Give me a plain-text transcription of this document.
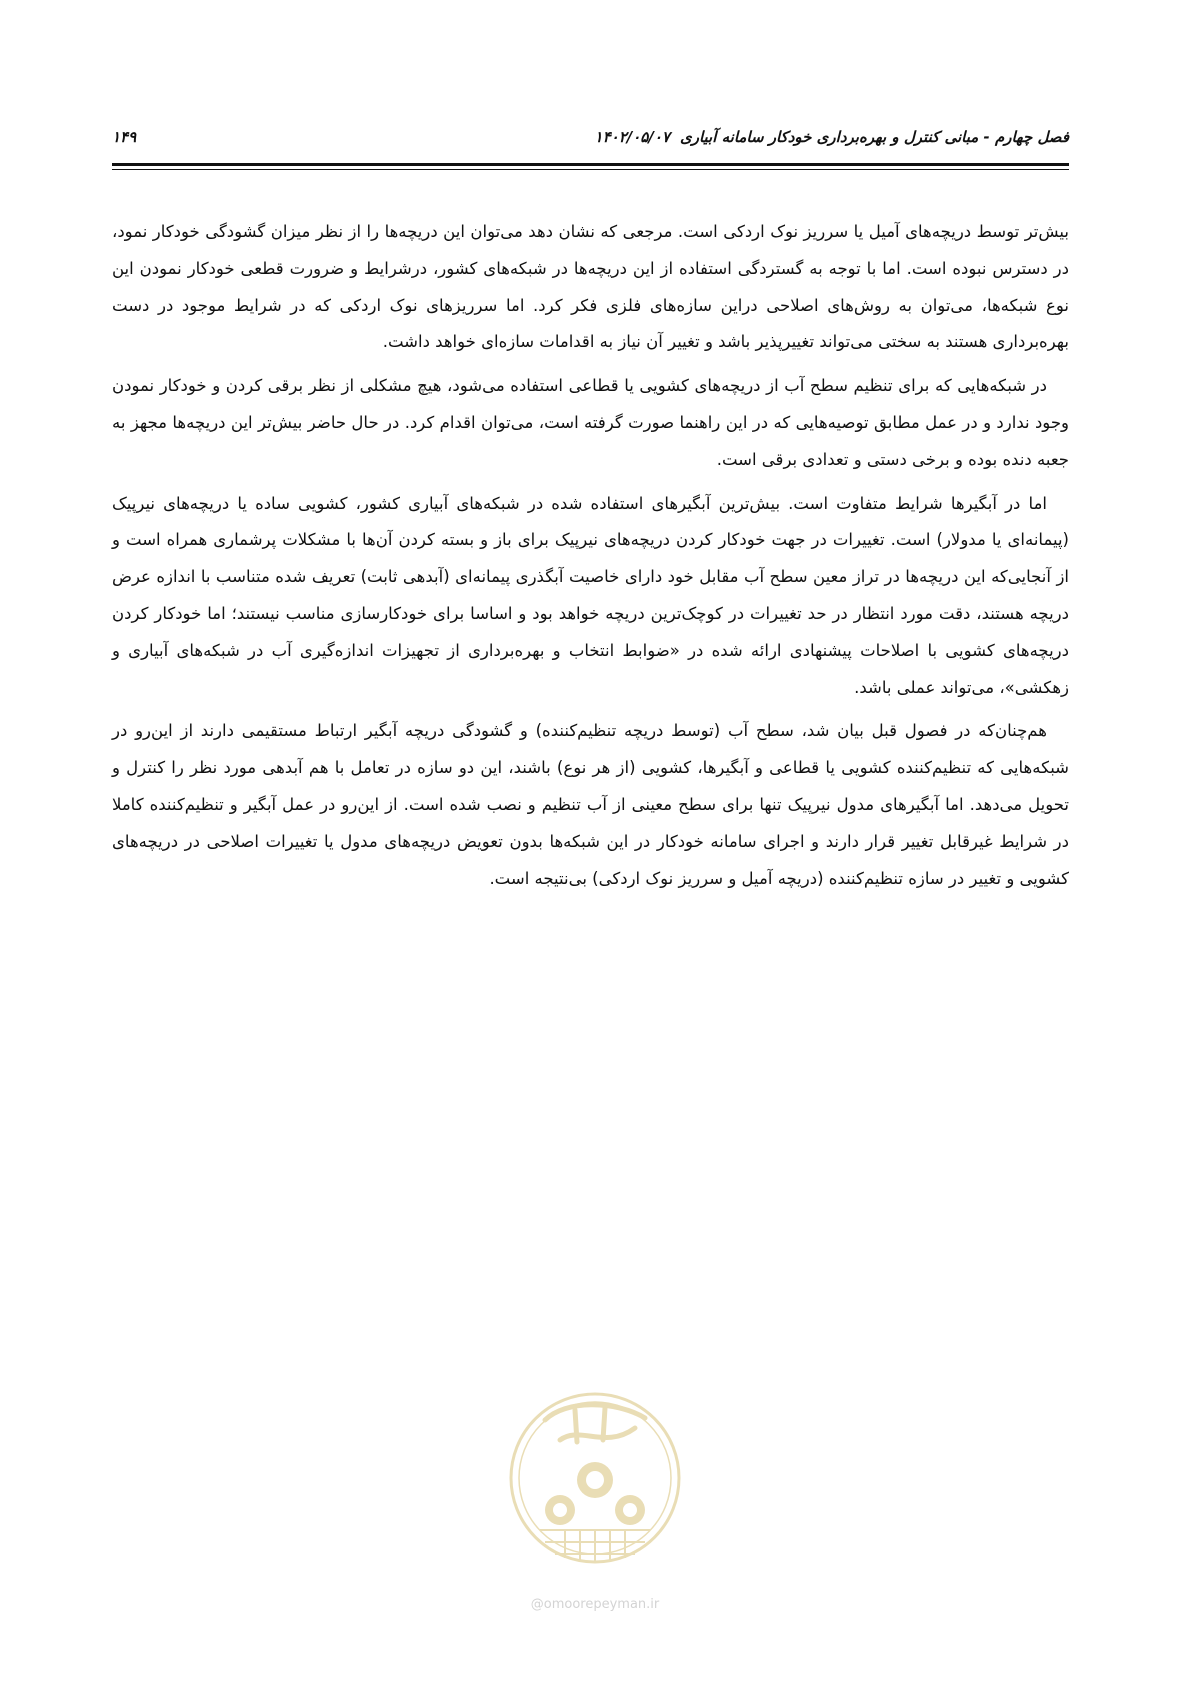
فصل چهارم - مبانی کنترل و بهره‌برداری خودکار سامانه آبیاری۱۴۰۲/۰۵/۰۷
۱۴۹

بیش‌تر توسط دریچه‌های آمیل یا سرریز نوک اردکی است. مرجعی که نشان دهد می‌توان این دریچه‌ها را از نظر میزان گشودگی خودکار نمود، در دسترس نبوده است. اما با توجه به گستردگی استفاده از این دریچه‌ها در شبکه‌های کشور، درشرایط و ضرورت قطعی خودکار نمودن این نوع شبکه‌ها، می‌توان به روش‌های اصلاحی دراین سازه‌های فلزی فکر کرد. اما سرریزهای نوک اردکی که در شرایط موجود در دست بهره‌برداری هستند به سختی می‌تواند تغییرپذیر باشد و تغییر آن نیاز به اقدامات سازه‌ای خواهد داشت.

در شبکه‌هایی که برای تنظیم سطح آب از دریچه‌های کشویی یا قطاعی استفاده می‌شود، هیچ مشکلی از نظر برقی کردن و خودکار نمودن وجود ندارد و در عمل مطابق توصیه‌هایی که در این راهنما صورت گرفته است، می‌توان اقدام کرد. در حال حاضر بیش‌تر این دریچه‌ها مجهز به جعبه دنده بوده و برخی دستی و تعدادی برقی است.

اما در آبگیرها شرایط متفاوت است. بیش‌ترین آبگیرهای استفاده شده در شبکه‌های آبیاری کشور، کشویی ساده یا دریچه‌های نیرپیک (پیمانه‌ای یا مدولار) است. تغییرات در جهت خودکار کردن دریچه‌های نیرپیک برای باز و بسته کردن آن‌ها با مشکلات پرشماری همراه است و از آنجایی‌که این دریچه‌ها در تراز معین سطح آب مقابل خود دارای خاصیت آبگذری پیمانه‌ای (آبدهی ثابت) تعریف شده متناسب با اندازه عرض دریچه هستند، دقت مورد انتظار در حد تغییرات در کوچک‌ترین دریچه خواهد بود و اساسا برای خودکارسازی مناسب نیستند؛ اما خودکار کردن دریچه‌های کشویی با اصلاحات پیشنهادی ارائه شده در «ضوابط انتخاب و بهره‌برداری از تجهیزات اندازه‌گیری آب در شبکه‌های آبیاری و زهکشی»، می‌تواند عملی باشد.

هم‌چنان‌که در فصول قبل بیان شد، سطح آب (توسط دریچه تنظیم‌کننده) و گشودگی دریچه آبگیر ارتباط مستقیمی دارند از این‌رو در شبکه‌هایی که تنظیم‌کننده کشویی یا قطاعی و آبگیرها، کشویی (از هر نوع) باشند، این دو سازه در تعامل با هم آبدهی مورد نظر را کنترل و تحویل می‌دهد. اما آبگیرهای مدول نیرپیک تنها برای سطح معینی از آب تنظیم و نصب شده است. از این‌رو در عمل آبگیر و تنظیم‌کننده کاملا در شرایط غیرقابل تغییر قرار دارند و اجرای سامانه خودکار در این شبکه‌ها بدون تعویض دریچه‌های مدول یا تغییرات اصلاحی در دریچه‌های کشویی و تغییر در سازه تنظیم‌کننده (دریچه آمیل و سرریز نوک اردکی) بی‌نتیجه است.

@omoorepeyman.ir
